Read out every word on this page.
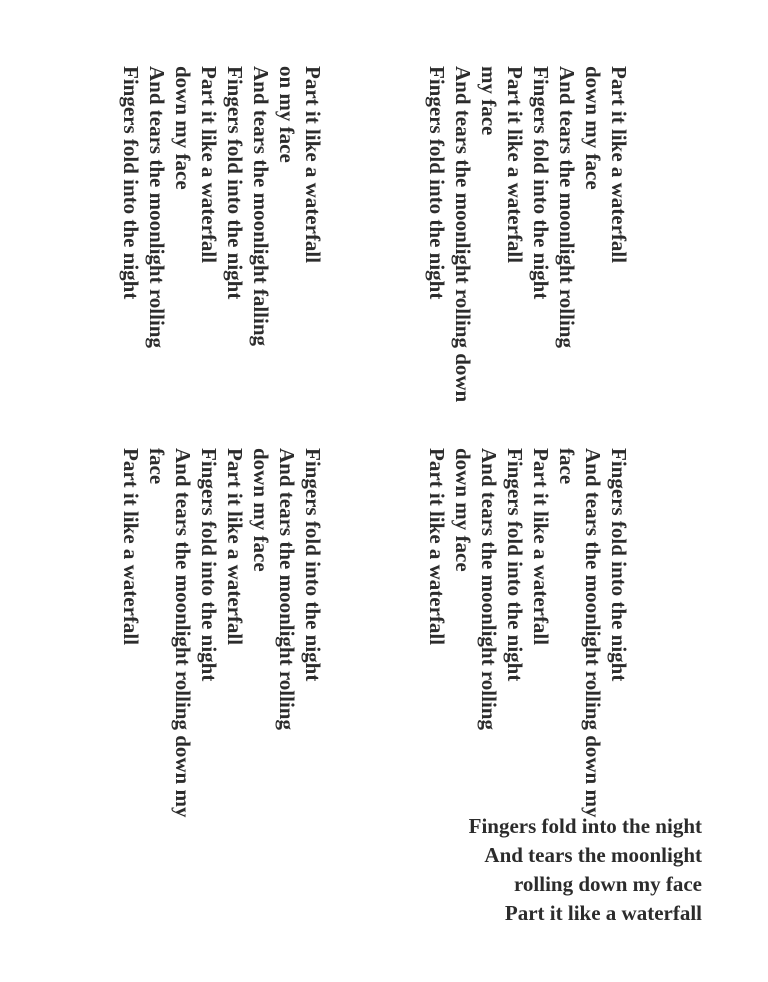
Part it like a waterfall

down my face

And tears the moonlight rolling

Fingers fold into the night

Part it like a waterfall

my face

And tears the moonlight rolling down

Fingers fold into the night

Fingers fold into the night

And tears the moonlight rolling down my

face

Part it like a waterfall

Fingers fold into the night

And tears the moonlight rolling

down my face

Part it like a waterfall

Part it like a waterfall

on my face

And tears the moonlight falling

Fingers fold into the night

Part it like a waterfall

down my face

And tears the moonlight rolling

Fingers fold into the night

Fingers fold into the night

And tears the moonlight rolling

down my face

Part it like a waterfall

Fingers fold into the night

And tears the moonlight rolling down my

face

Part it like a waterfall

Fingers fold into the night

And tears the moonlight

rolling down my face

Part it like a waterfall
